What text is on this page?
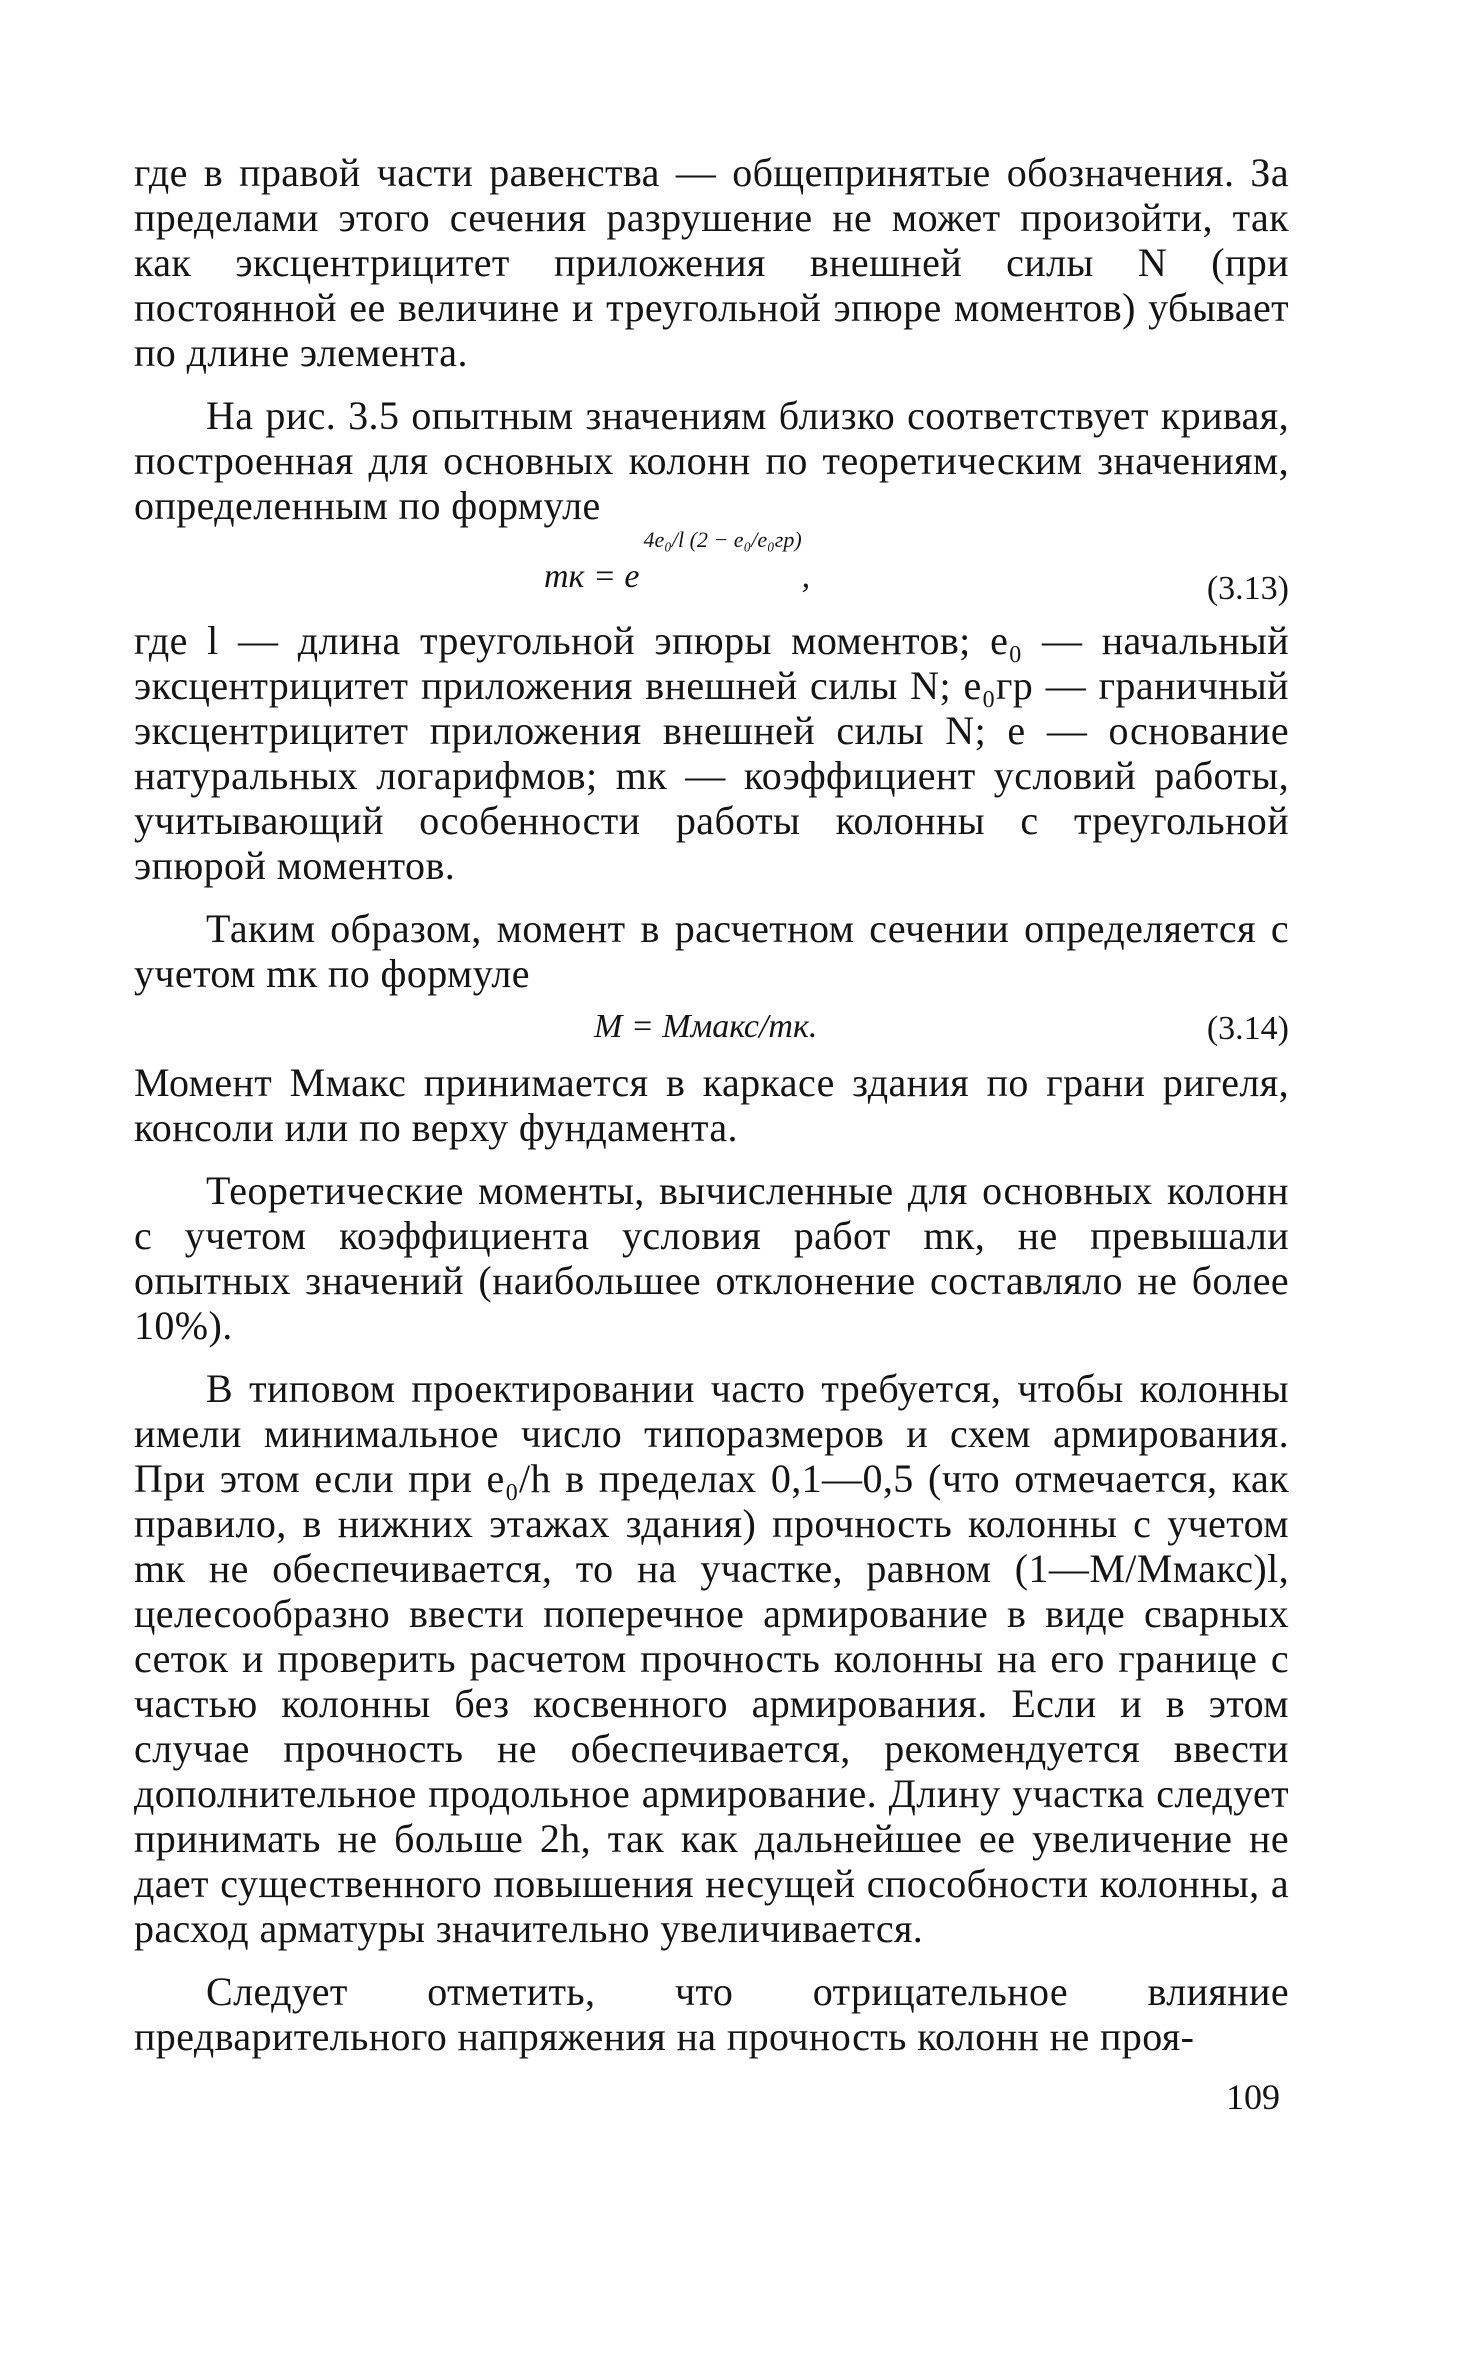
где в правой части равенства — общепринятые обозначения. За пределами этого сечения разрушение не может произойти, так как эксцентрицитет приложения внешней силы N (при постоянной ее величине и треугольной эпюре моментов) убывает по длине элемента.

На рис. 3.5 опытным значениям близко соответствует кривая, построенная для основных колонн по теоретическим значениям, определенным по формуле

mк = $e^{4e_0/l (2 - e_0/e_0гр)}$,	(3.13)

где l — длина треугольной эпюры моментов; e₀ — начальный эксцентрицитет приложения внешней силы N; e₀гр — граничный эксцентрицитет приложения внешней силы N; e — основание натуральных логарифмов; mк — коэффициент условий работы, учитывающий особенности работы колонны с треугольной эпюрой моментов.

Таким образом, момент в расчетном сечении определяется с учетом mк по формуле

M = Mмакс/mк.	(3.14)

Момент Mмакс принимается в каркасе здания по грани ригеля, консоли или по верху фундамента.

Теоретические моменты, вычисленные для основных колонн с учетом коэффициента условия работ mк, не превышали опытных значений (наибольшее отклонение составляло не более 10%).

В типовом проектировании часто требуется, чтобы колонны имели минимальное число типоразмеров и схем армирования. При этом если при e₀/h в пределах 0,1—0,5 (что отмечается, как правило, в нижних этажах здания) прочность колонны с учетом mк не обеспечивается, то на участке, равном (1—M/Mмакс)l, целесообразно ввести поперечное армирование в виде сварных сеток и проверить расчетом прочность колонны на его границе с частью колонны без косвенного армирования. Если и в этом случае прочность не обеспечивается, рекомендуется ввести дополнительное продольное армирование. Длину участка следует принимать не больше 2h, так как дальнейшее ее увеличение не дает существенного повышения несущей способности колонны, а расход арматуры значительно увеличивается.

Следует отметить, что отрицательное влияние предварительного напряжения на прочность колонн не проя-

109
